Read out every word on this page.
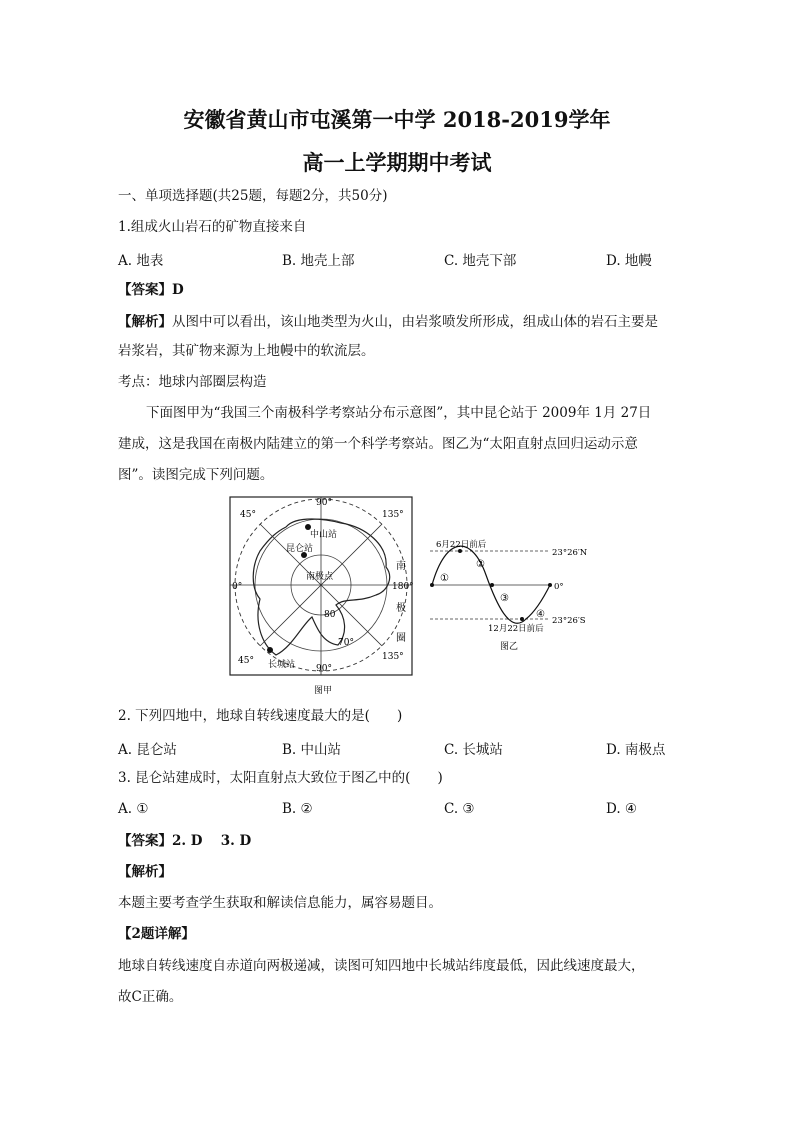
安徽省黄山市屯溪第一中学 2018-2019学年
高一上学期期中考试
一、单项选择题(共25题，每题2分，共50分)
1.组成火山岩石的矿物直接来自
A. 地表	B. 地壳上部	C. 地壳下部	D. 地幔
【答案】D
【解析】从图中可以看出，该山地类型为火山，由岩浆喷发所形成，组成山体的岩石主要是
岩浆岩，其矿物来源为上地幔中的软流层。
考点：地球内部圈层构造
下面图甲为“我国三个南极科学考察站分布示意图”，其中昆仑站于 2009年 1月 27日
建成，这是我国在南极内陆建立的第一个科学考察站。图乙为“太阳直射点回归运动示意
图”。读图完成下列问题。
90°
45°	135°
0°	180°
45°	135°
90°
80
70°
中山站
昆仑站
南极点
长城站
南
极
圈
图甲
6月22日前后
23°26′N
0°
23°26′S
12月22日前后
①
②
③
④
图乙
2. 下列四地中，地球自转线速度最大的是(　　)
A. 昆仑站	B. 中山站	C. 长城站	D. 南极点
3. 昆仑站建成时，太阳直射点大致位于图乙中的(　　)
A. ①	B. ②	C. ③	D. ④
【答案】2. D　 3. D
【解析】
本题主要考查学生获取和解读信息能力，属容易题目。
【2题详解】
地球自转线速度自赤道向两极递减，读图可知四地中长城站纬度最低，因此线速度最大，
故C正确。
